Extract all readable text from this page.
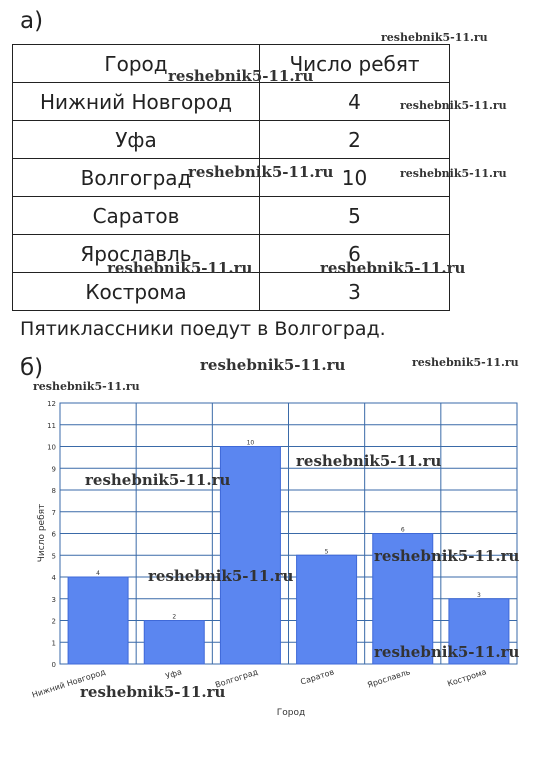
а)
Город	Число ребят
Нижний Новгород	4
Уфа	2
Волгоград	10
Саратов	5
Ярославль	6
Кострома	3
Пятиклассники поедут в Волгоград.
б)
0
1
2
3
4
5
6
7
8
9
10
11
12
4
Нижний Новгород
2
Уфа
10
Волгоград
5
Саратов
6
Ярославль
3
Кострома
Число ребят
Город
reshebnik5-11.ru
reshebnik5-11.ru
reshebnik5-11.ru
reshebnik5-11.ru	reshebnik5-11.ru
reshebnik5-11.ru	reshebnik5-11.ru
reshebnik5-11.ru	reshebnik5-11.ru
reshebnik5-11.ru
reshebnik5-11.ru
reshebnik5-11.ru
reshebnik5-11.ru
reshebnik5-11.ru
reshebnik5-11.ru
reshebnik5-11.ru
